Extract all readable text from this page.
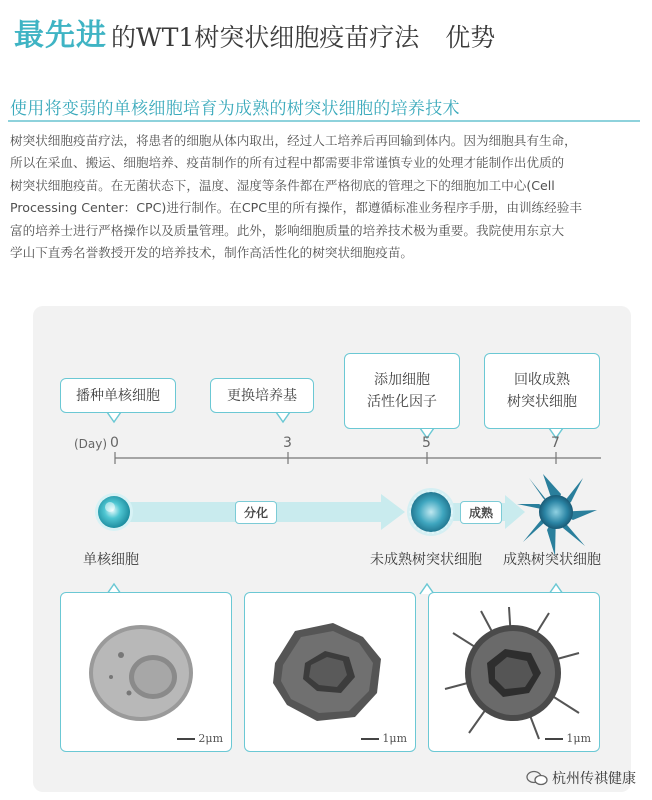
最先进 的WT1树突状细胞疫苗疗法 优势
使用将变弱的单核细胞培育为成熟的树突状细胞的培养技术
树突状细胞疫苗疗法，将患者的细胞从体内取出，经过人工培养后再回输到体内。因为细胞具有生命，
所以在采血、搬运、细胞培养、疫苗制作的所有过程中都需要非常谨慎专业的处理才能制作出优质的
树突状细胞疫苗。在无菌状态下，温度、湿度等条件都在严格彻底的管理之下的细胞加工中心(Cell
Processing Center：CPC)进行制作。在CPC里的所有操作，都遵循标准业务程序手册，由训练经验丰
富的培养士进行严格操作以及质量管理。此外，影响细胞质量的培养技术极为重要。我院使用东京大
学山下直秀名誉教授开发的培养技术，制作高活性化的树突状细胞疫苗。
播种单核细胞	更换培养基
添加细胞
活性化因子
回收成熟
树突状细胞
(Day) 0	3	5	7
分化	成熟
单核细胞	未成熟树突状细胞 成熟树突状细胞
2μm	1μm	1μm
杭州传祺健康
